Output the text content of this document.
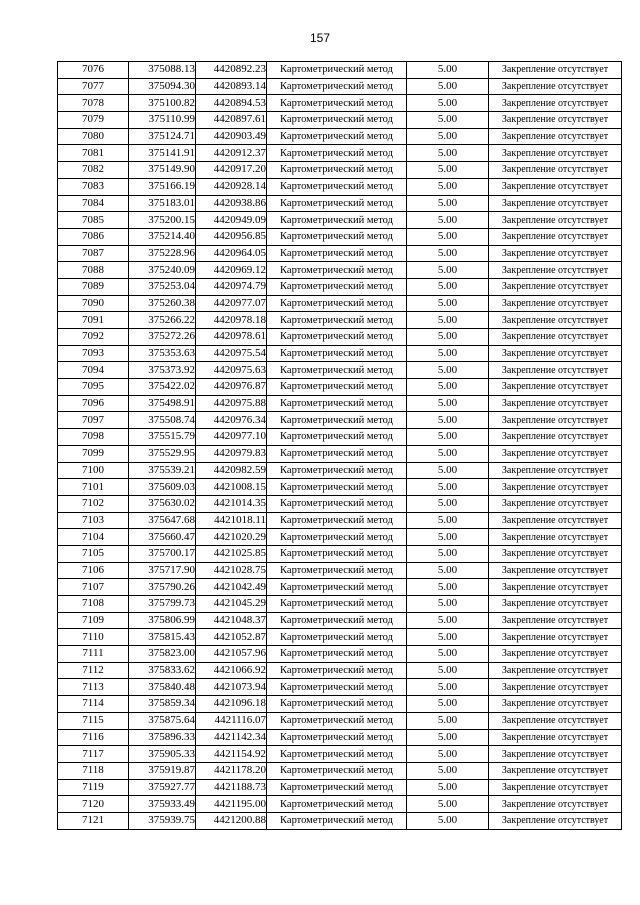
157
7076	375088.13	4420892.23	Картометрический метод	5.00	Закрепление отсутствует
7077	375094.30	4420893.14	Картометрический метод	5.00	Закрепление отсутствует
7078	375100.82	4420894.53	Картометрический метод	5.00	Закрепление отсутствует
7079	375110.99	4420897.61	Картометрический метод	5.00	Закрепление отсутствует
7080	375124.71	4420903.49	Картометрический метод	5.00	Закрепление отсутствует
7081	375141.91	4420912.37	Картометрический метод	5.00	Закрепление отсутствует
7082	375149.90	4420917.20	Картометрический метод	5.00	Закрепление отсутствует
7083	375166.19	4420928.14	Картометрический метод	5.00	Закрепление отсутствует
7084	375183.01	4420938.86	Картометрический метод	5.00	Закрепление отсутствует
7085	375200.15	4420949.09	Картометрический метод	5.00	Закрепление отсутствует
7086	375214.40	4420956.85	Картометрический метод	5.00	Закрепление отсутствует
7087	375228.96	4420964.05	Картометрический метод	5.00	Закрепление отсутствует
7088	375240.09	4420969.12	Картометрический метод	5.00	Закрепление отсутствует
7089	375253.04	4420974.79	Картометрический метод	5.00	Закрепление отсутствует
7090	375260.38	4420977.07	Картометрический метод	5.00	Закрепление отсутствует
7091	375266.22	4420978.18	Картометрический метод	5.00	Закрепление отсутствует
7092	375272.26	4420978.61	Картометрический метод	5.00	Закрепление отсутствует
7093	375353.63	4420975.54	Картометрический метод	5.00	Закрепление отсутствует
7094	375373.92	4420975.63	Картометрический метод	5.00	Закрепление отсутствует
7095	375422.02	4420976.87	Картометрический метод	5.00	Закрепление отсутствует
7096	375498.91	4420975.88	Картометрический метод	5.00	Закрепление отсутствует
7097	375508.74	4420976.34	Картометрический метод	5.00	Закрепление отсутствует
7098	375515.79	4420977.10	Картометрический метод	5.00	Закрепление отсутствует
7099	375529.95	4420979.83	Картометрический метод	5.00	Закрепление отсутствует
7100	375539.21	4420982.59	Картометрический метод	5.00	Закрепление отсутствует
7101	375609.03	4421008.15	Картометрический метод	5.00	Закрепление отсутствует
7102	375630.02	4421014.35	Картометрический метод	5.00	Закрепление отсутствует
7103	375647.68	4421018.11	Картометрический метод	5.00	Закрепление отсутствует
7104	375660.47	4421020.29	Картометрический метод	5.00	Закрепление отсутствует
7105	375700.17	4421025.85	Картометрический метод	5.00	Закрепление отсутствует
7106	375717.90	4421028.75	Картометрический метод	5.00	Закрепление отсутствует
7107	375790.26	4421042.49	Картометрический метод	5.00	Закрепление отсутствует
7108	375799.73	4421045.29	Картометрический метод	5.00	Закрепление отсутствует
7109	375806.99	4421048.37	Картометрический метод	5.00	Закрепление отсутствует
7110	375815.43	4421052.87	Картометрический метод	5.00	Закрепление отсутствует
7111	375823.00	4421057.96	Картометрический метод	5.00	Закрепление отсутствует
7112	375833.62	4421066.92	Картометрический метод	5.00	Закрепление отсутствует
7113	375840.48	4421073.94	Картометрический метод	5.00	Закрепление отсутствует
7114	375859.34	4421096.18	Картометрический метод	5.00	Закрепление отсутствует
7115	375875.64	4421116.07	Картометрический метод	5.00	Закрепление отсутствует
7116	375896.33	4421142.34	Картометрический метод	5.00	Закрепление отсутствует
7117	375905.33	4421154.92	Картометрический метод	5.00	Закрепление отсутствует
7118	375919.87	4421178.20	Картометрический метод	5.00	Закрепление отсутствует
7119	375927.77	4421188.73	Картометрический метод	5.00	Закрепление отсутствует
7120	375933.49	4421195.00	Картометрический метод	5.00	Закрепление отсутствует
7121	375939.75	4421200.88	Картометрический метод	5.00	Закрепление отсутствует
